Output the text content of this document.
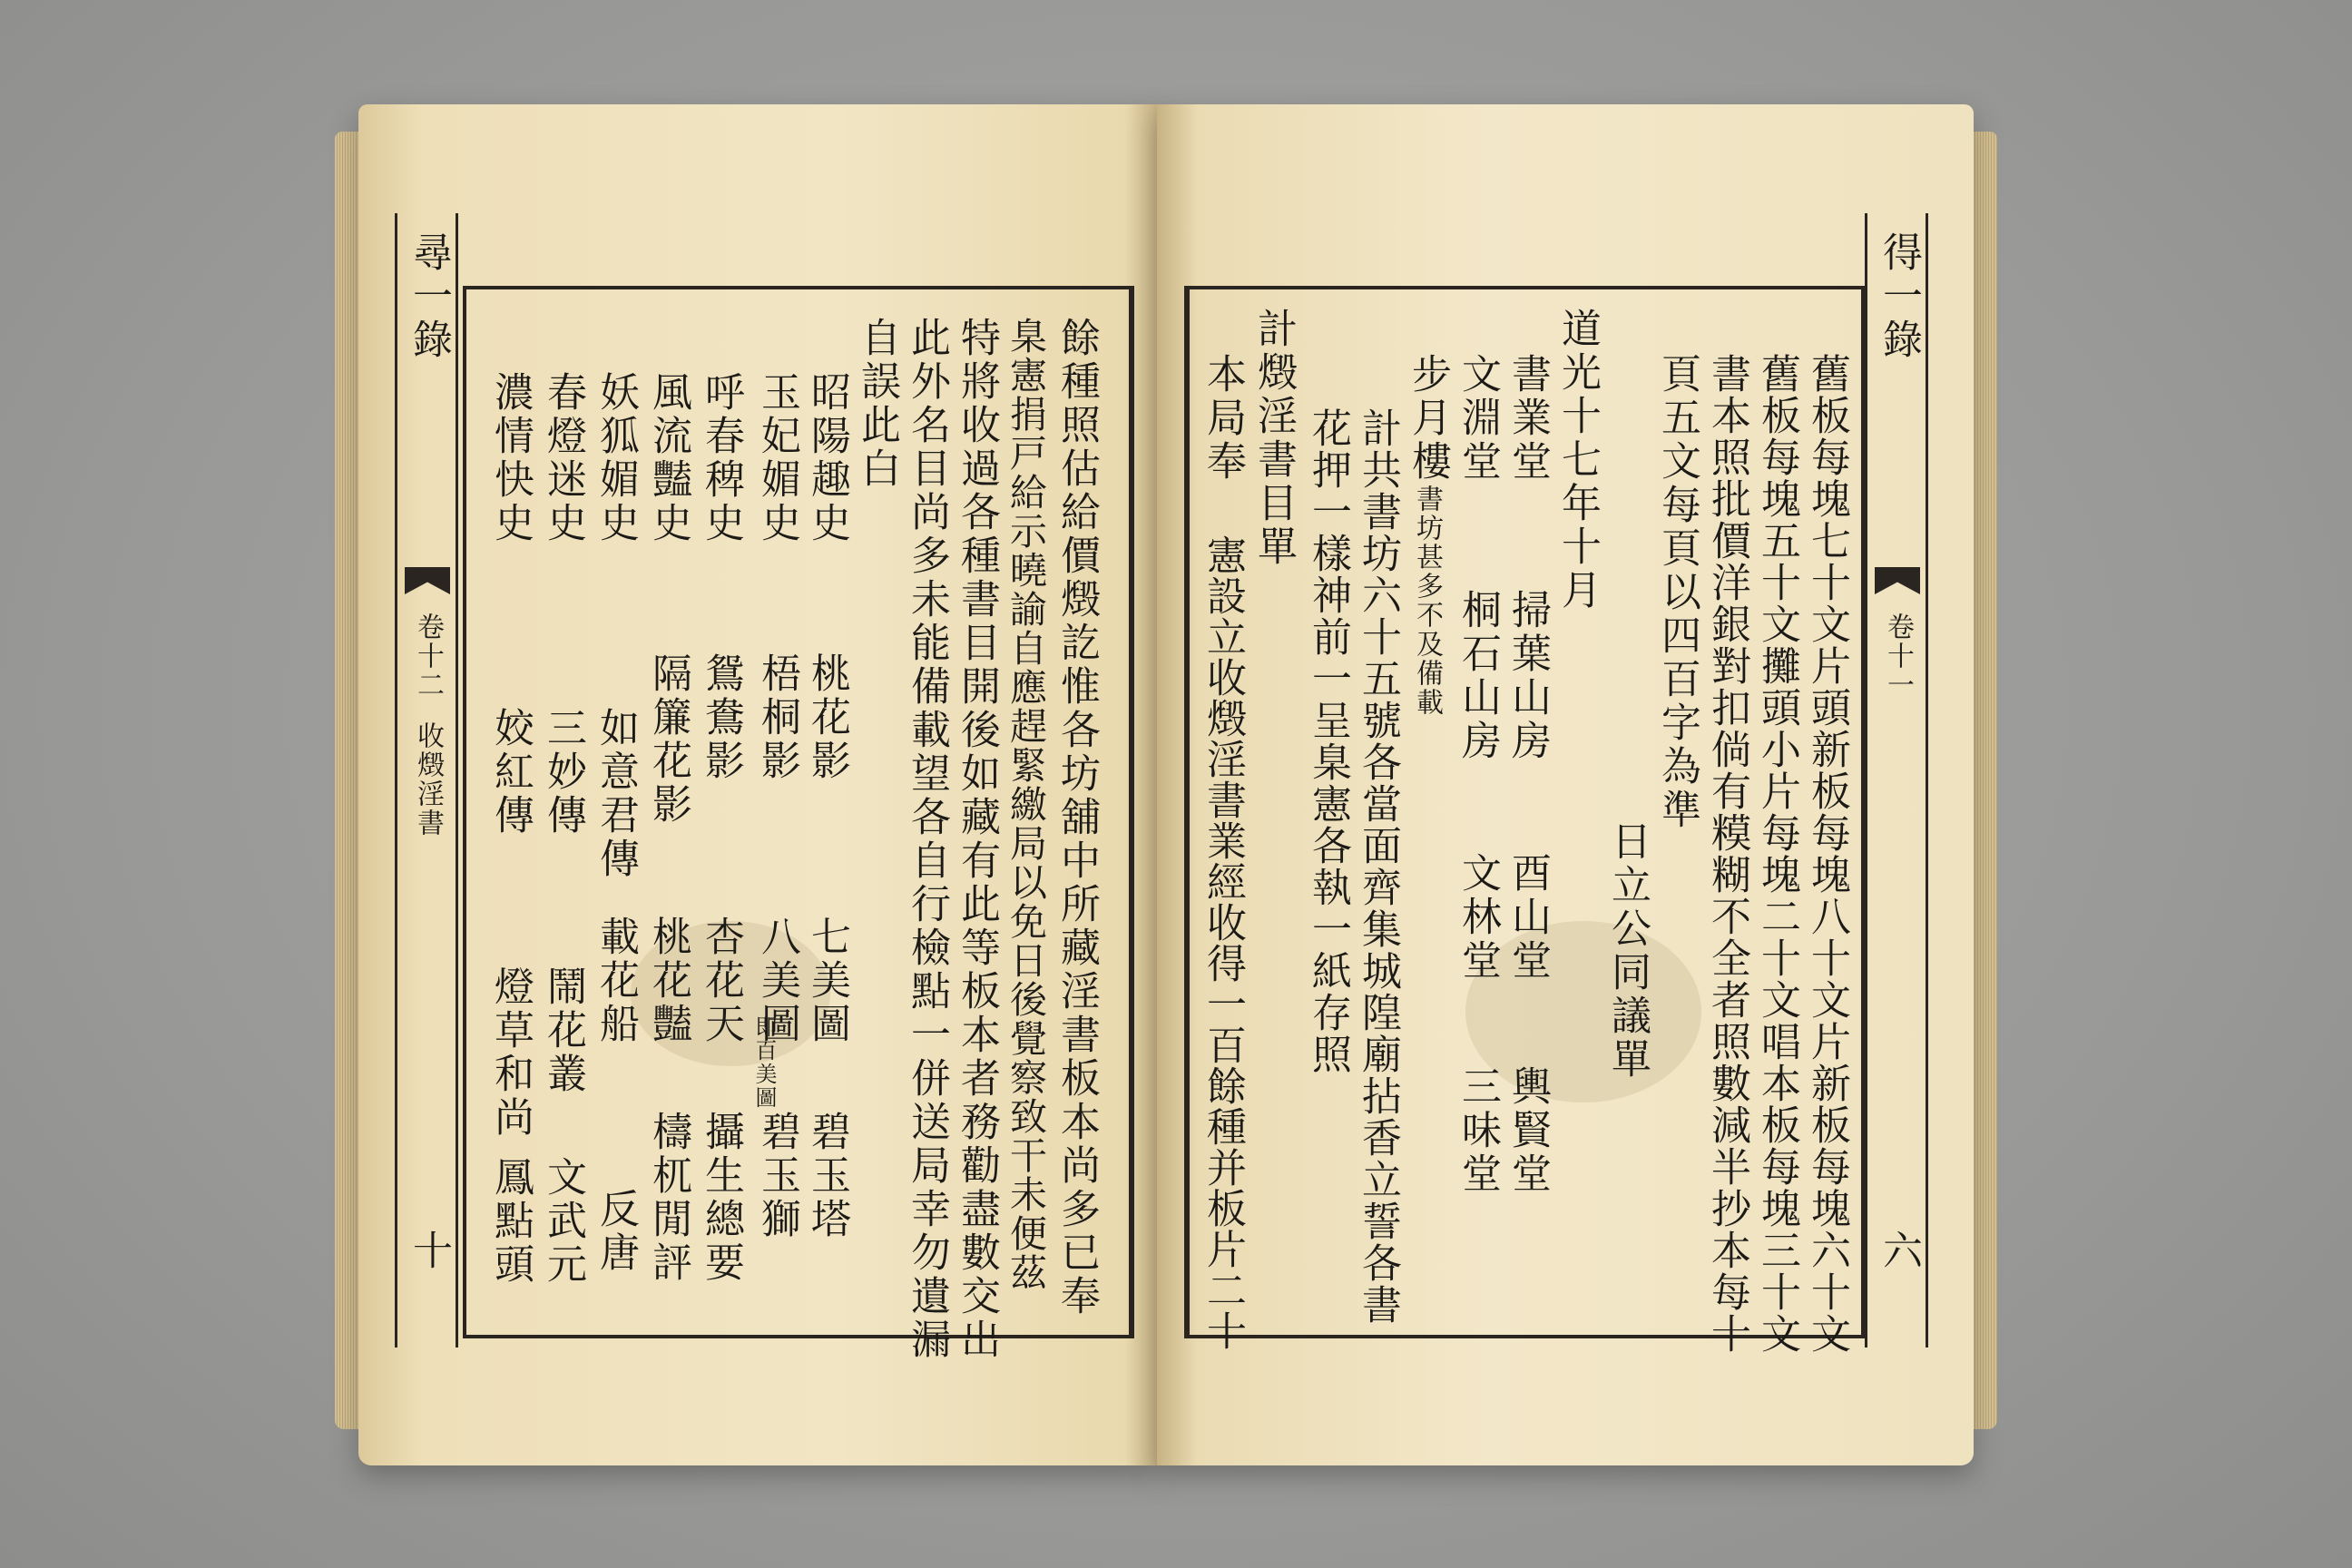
尋一錄
卷十二
收燬淫書
十	餘種照估給價燬訖惟各坊舖中所藏淫書板本尚多已奉
臬憲捐戸給示曉諭自應趕緊繳局以免日後覺察致干未便茲
特將收過各種書目開後如藏有此等板本者務勸盡數交出
此外名目尚多未能備載望各自行檢點一併送局幸勿遺漏
自誤此白
昭陽趣史
桃花影
七美圖
碧玉塔
玉妃媚史
梧桐影
八美圖
即百美圖
碧玉獅
呼春稗史
鴛鴦影
杏花天
攝生總要
風流豔史
隔簾花影
桃花豔
檮杌閒評
妖狐媚史
如意君傳
載花船
反唐
春燈迷史
三妙傳
鬧花叢
文武元
濃情快史
姣紅傳
燈草和尚
鳳點頭
得一錄
卷十一
六
舊板每塊七十文片頭新板每塊八十文片新板每塊六十文
舊板每塊五十文攤頭小片每塊二十文唱本板每塊三十文
書本照批價洋銀對扣倘有糢糊不全者照數減半抄本每十
頁五文每頁以四百字為準
日立公同議單
道光十七年十月
書業堂
掃葉山房
酉山堂
輿賢堂
文淵堂
桐石山房
文林堂
三味堂
步月樓
書坊甚多不及備載
計共書坊六十五號各當面齊集城隍廟拈香立誓各書
花押一樣神前一呈臬憲各執一紙存照
計燬淫書目單
本局奉
憲設立收燬淫書業經收得一百餘種并板片二十
